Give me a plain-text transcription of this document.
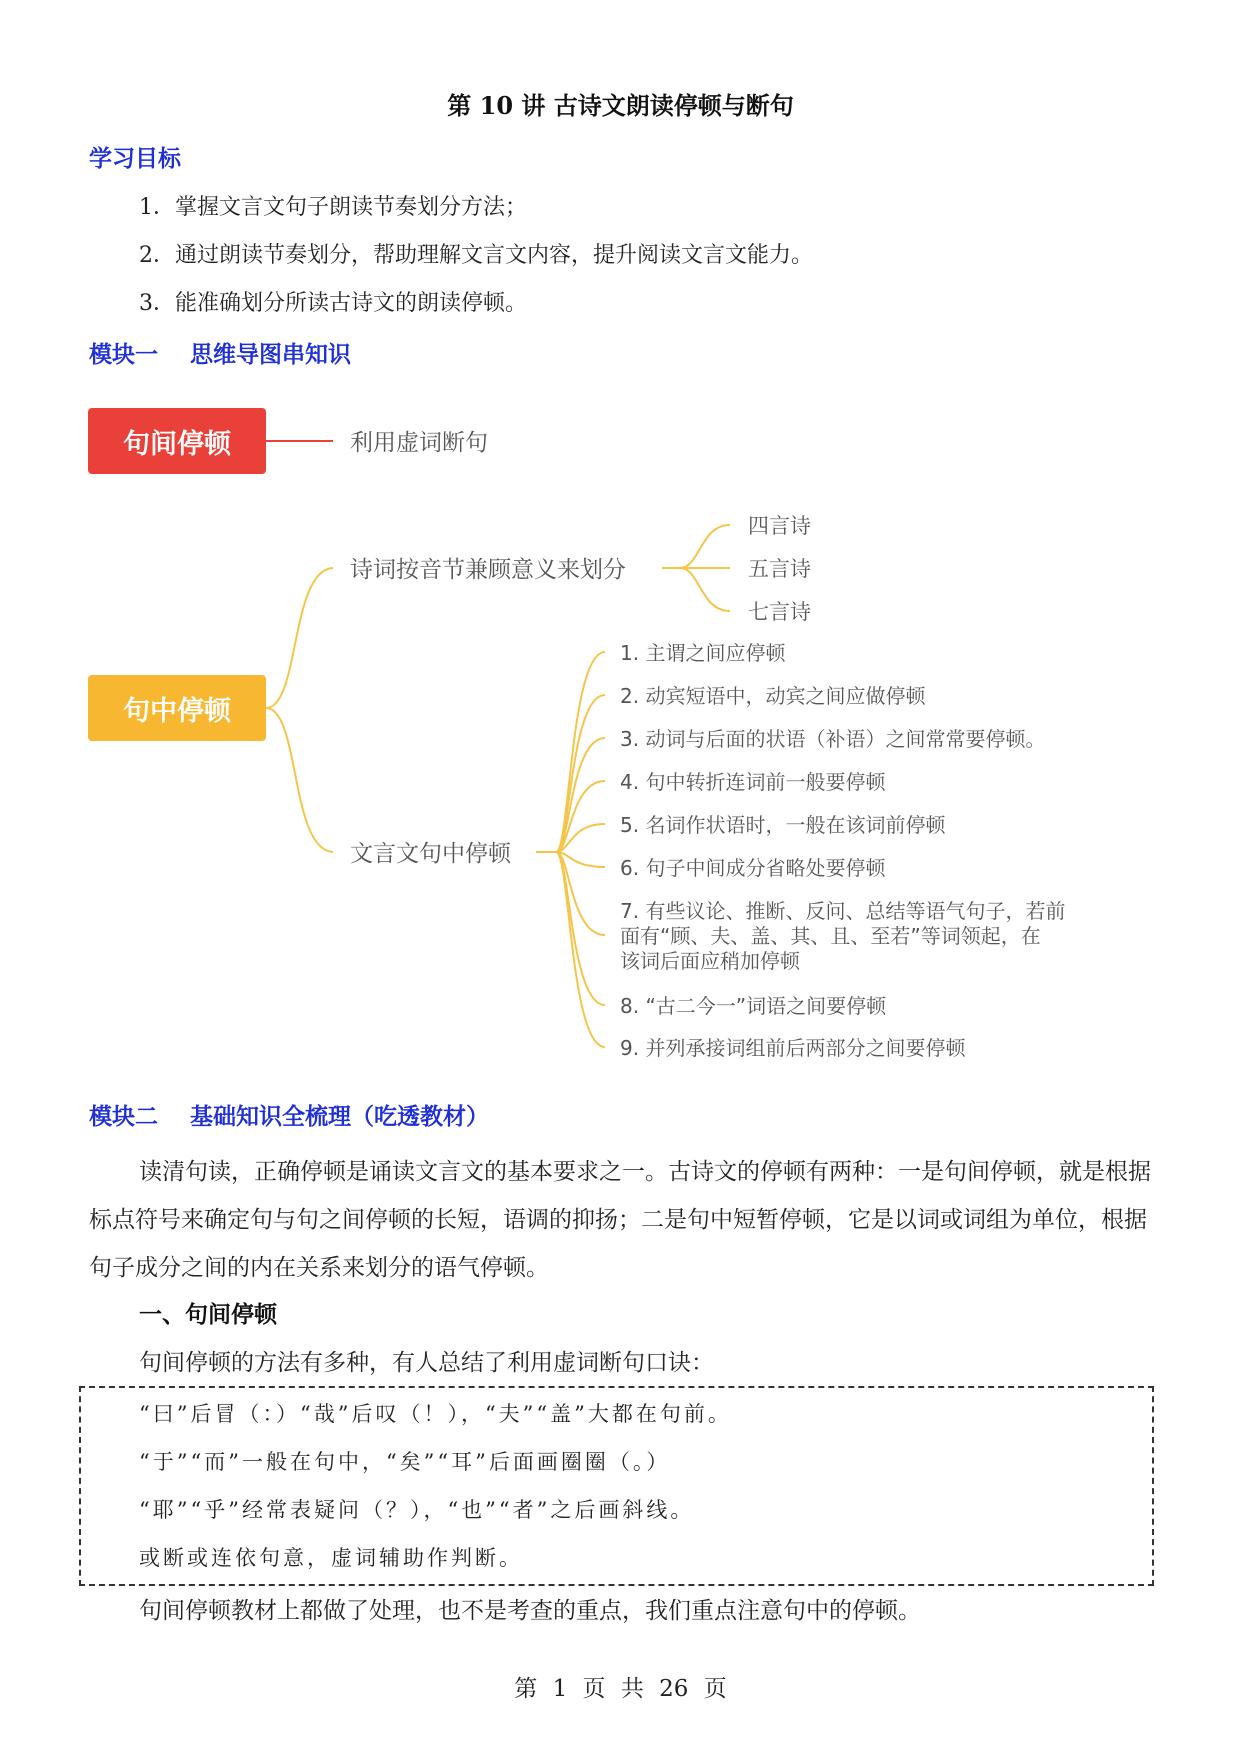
第 10 讲 古诗文朗读停顿与断句
学习目标
1．掌握文言文句子朗读节奏划分方法；
2．通过朗读节奏划分，帮助理解文言文内容，提升阅读文言文能力。
3．能准确划分所读古诗文的朗读停顿。
模块一    思维导图串知识
句间停顿	利用虚词断句
句中停顿
诗词按音节兼顾意义来划分
文言文句中停顿
四言诗
五言诗
七言诗
1. 主谓之间应停顿
2. 动宾短语中，动宾之间应做停顿
3. 动词与后面的状语（补语）之间常常要停顿。
4. 句中转折连词前一般要停顿
5. 名词作状语时，一般在该词前停顿
6. 句子中间成分省略处要停顿
7. 有些议论、推断、反问、总结等语气句子，若前
面有“顾、夫、盖、其、且、至若”等词领起，在
该词后面应稍加停顿
8. “古二今一”词语之间要停顿
9. 并列承接词组前后两部分之间要停顿
模块二    基础知识全梳理（吃透教材）

读清句读，正确停顿是诵读文言文的基本要求之一。古诗文的停顿有两种：一是句间停顿，就是根据标点符号来确定句与句之间停顿的长短，语调的抑扬；二是句中短暂停顿，它是以词或词组为单位，根据句子成分之间的内在关系来划分的语气停顿。

一、句间停顿
句间停顿的方法有多种，有人总结了利用虚词断句口诀：
“曰”后冒（：）“哉”后叹（！），“夫”“盖”大都在句前。
“于”“而”一般在句中，“矣”“耳”后面画圈圈（。）
“耶”“乎”经常表疑问（？），“也”“者”之后画斜线。
或断或连依句意，虚词辅助作判断。
句间停顿教材上都做了处理，也不是考查的重点，我们重点注意句中的停顿。
第 1 页 共 26 页
